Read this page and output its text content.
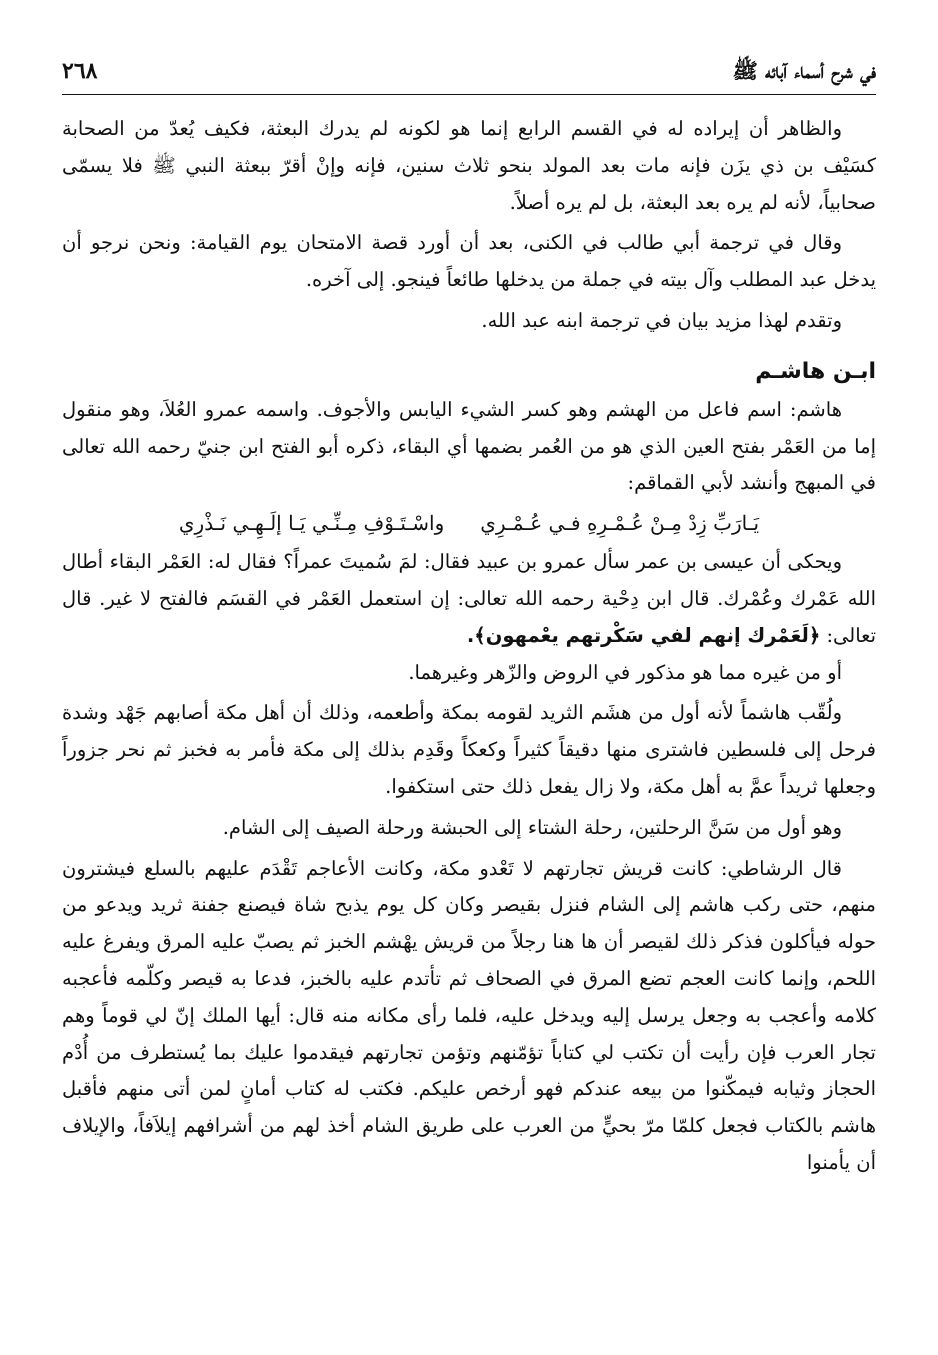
في شرح أسماء آبائه ﷺ
٢٦٨

والظاهر أن إيراده له في القسم الرابع إنما هو لكونه لم يدرك البعثة، فكيف يُعدّ من الصحابة كسَيْف بن ذي يزَن فإنه مات بعد المولد بنحو ثلاث سنين، فإنه وإنْ أقرّ ببعثة النبي ﷺ فلا يسمّى صحابياً، لأنه لم يره بعد البعثة، بل لم يره أصلاً.

وقال في ترجمة أبي طالب في الكنى، بعد أن أورد قصة الامتحان يوم القيامة: ونحن نرجو أن يدخل عبد المطلب وآل بيته في جملة من يدخلها طائعاً فينجو. إلى آخره.

وتقدم لهذا مزيد بيان في ترجمة ابنه عبد الله.

ابـن هاشـم

هاشم: اسم فاعل من الهشم وهو كسر الشيء اليابس والأجوف. واسمه عمرو العُلاَ، وهو منقول إما من العَمْر بفتح العين الذي هو من العُمر بضمها أي البقاء، ذكره أبو الفتح ابن جنيّ رحمه الله تعالى في المبهج وأنشد لأبي القماقم:

يَـارَبِّ زِدْ مِـنْ عُـمْـرِهِ فـي عُـمْـرِي
واسْـتَـوْفِ مِـنِّـي يَـا إلَـهِـي نَـذْرِي

ويحكى أن عيسى بن عمر سأل عمرو بن عبيد فقال: لمَ سُميتَ عمراً؟ فقال له: العَمْر البقاء أطال الله عَمْرك وعُمْرك. قال ابن دِحْية رحمه الله تعالى: إن استعمل العَمْر في القسَم فالفتح لا غير. قال تعالى: ﴿لَعَمْرك إنهم لفي سَكْرتهم يعْمهون﴾.

أو من غيره مما هو مذكور في الروض والزّهر وغيرهما.

ولُقّب هاشماً لأنه أول من هشَم الثريد لقومه بمكة وأطعمه، وذلك أن أهل مكة أصابهم جَهْد وشدة فرحل إلى فلسطين فاشترى منها دقيقاً كثيراً وكعكاً وقَدِم بذلك إلى مكة فأمر به فخبز ثم نحر جزوراً وجعلها ثريداً عمَّ به أهل مكة، ولا زال يفعل ذلك حتى استكفوا.

وهو أول من سَنَّ الرحلتين، رحلة الشتاء إلى الحبشة ورحلة الصيف إلى الشام.

قال الرشاطي: كانت قريش تجارتهم لا تَعْدو مكة، وكانت الأعاجم تَقْدَم عليهم بالسلع فيشترون منهم، حتى ركب هاشم إلى الشام فنزل بقيصر وكان كل يوم يذبح شاة فيصنع جفنة ثريد ويدعو من حوله فيأكلون فذكر ذلك لقيصر أن ها هنا رجلاً من قريش يهْشم الخبز ثم يصبّ عليه المرق ويفرغ عليه اللحم، وإنما كانت العجم تضع المرق في الصحاف ثم تأتدم عليه بالخبز، فدعا به قيصر وكلّمه فأعجبه كلامه وأعجب به وجعل يرسل إليه ويدخل عليه، فلما رأى مكانه منه قال: أيها الملك إنّ لي قوماً وهم تجار العرب فإن رأيت أن تكتب لي كتاباً تؤمّنهم وتؤمن تجارتهم فيقدموا عليك بما يُستطرف من أُدْم الحجاز وثيابه فيمكّنوا من بيعه عندكم فهو أرخص عليكم. فكتب له كتاب أمانٍ لمن أتى منهم فأقبل هاشم بالكتاب فجعل كلمّا مرّ بحيٍّ من العرب على طريق الشام أخذ لهم من أشرافهم إيلاَفاً، والإيلاف أن يأمنوا
